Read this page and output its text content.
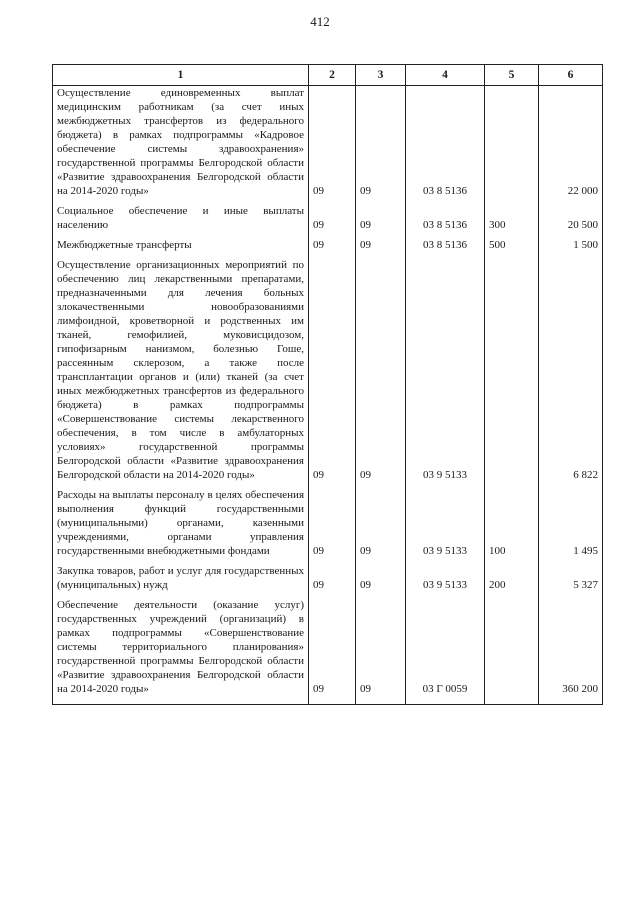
412
1	2	3	4	5	6
Осуществление единовременных выплат медицинским работникам (за счет иных межбюджетных трансфертов из федерального бюджета) в рамках подпрограммы «Кадровое обеспечение системы здравоохранения» государственной программы Белгородской области «Развитие здравоохранения Белгородской области на 2014-2020 годы»	09	09	03 8 5136		22 000
Социальное обеспечение и иные выплаты населению	09	09	03 8 5136	300	20 500
Межбюджетные трансферты	09	09	03 8 5136	500	1 500
Осуществление организационных мероприятий по обеспечению лиц лекарственными препаратами, предназначенными для лечения больных злокачественными новообразованиями лимфоидной, кроветворной и родственных им тканей, гемофилией, муковисцидозом, гипофизарным нанизмом, болезнью Гоше, рассеянным склерозом, а также после трансплантации органов и (или) тканей (за счет иных межбюджетных трансфертов из федерального бюджета) в рамках подпрограммы «Совершенствование системы лекарственного обеспечения, в том числе в амбулаторных условиях» государственной программы Белгородской области «Развитие здравоохранения Белгородской области на 2014-2020 годы»	09	09	03 9 5133		6 822
Расходы на выплаты персоналу в целях обеспечения выполнения функций государственными (муниципальными) органами, казенными учреждениями, органами управления государственными внебюджетными фондами	09	09	03 9 5133	100	1 495
Закупка товаров, работ и услуг для государственных (муниципальных) нужд	09	09	03 9 5133	200	5 327
Обеспечение деятельности (оказание услуг) государственных учреждений (организаций) в рамках подпрограммы «Совершенствование системы территориального планирования» государственной программы Белгородской области «Развитие здравоохранения Белгородской области на 2014-2020 годы»	09	09	03 Г 0059		360 200
